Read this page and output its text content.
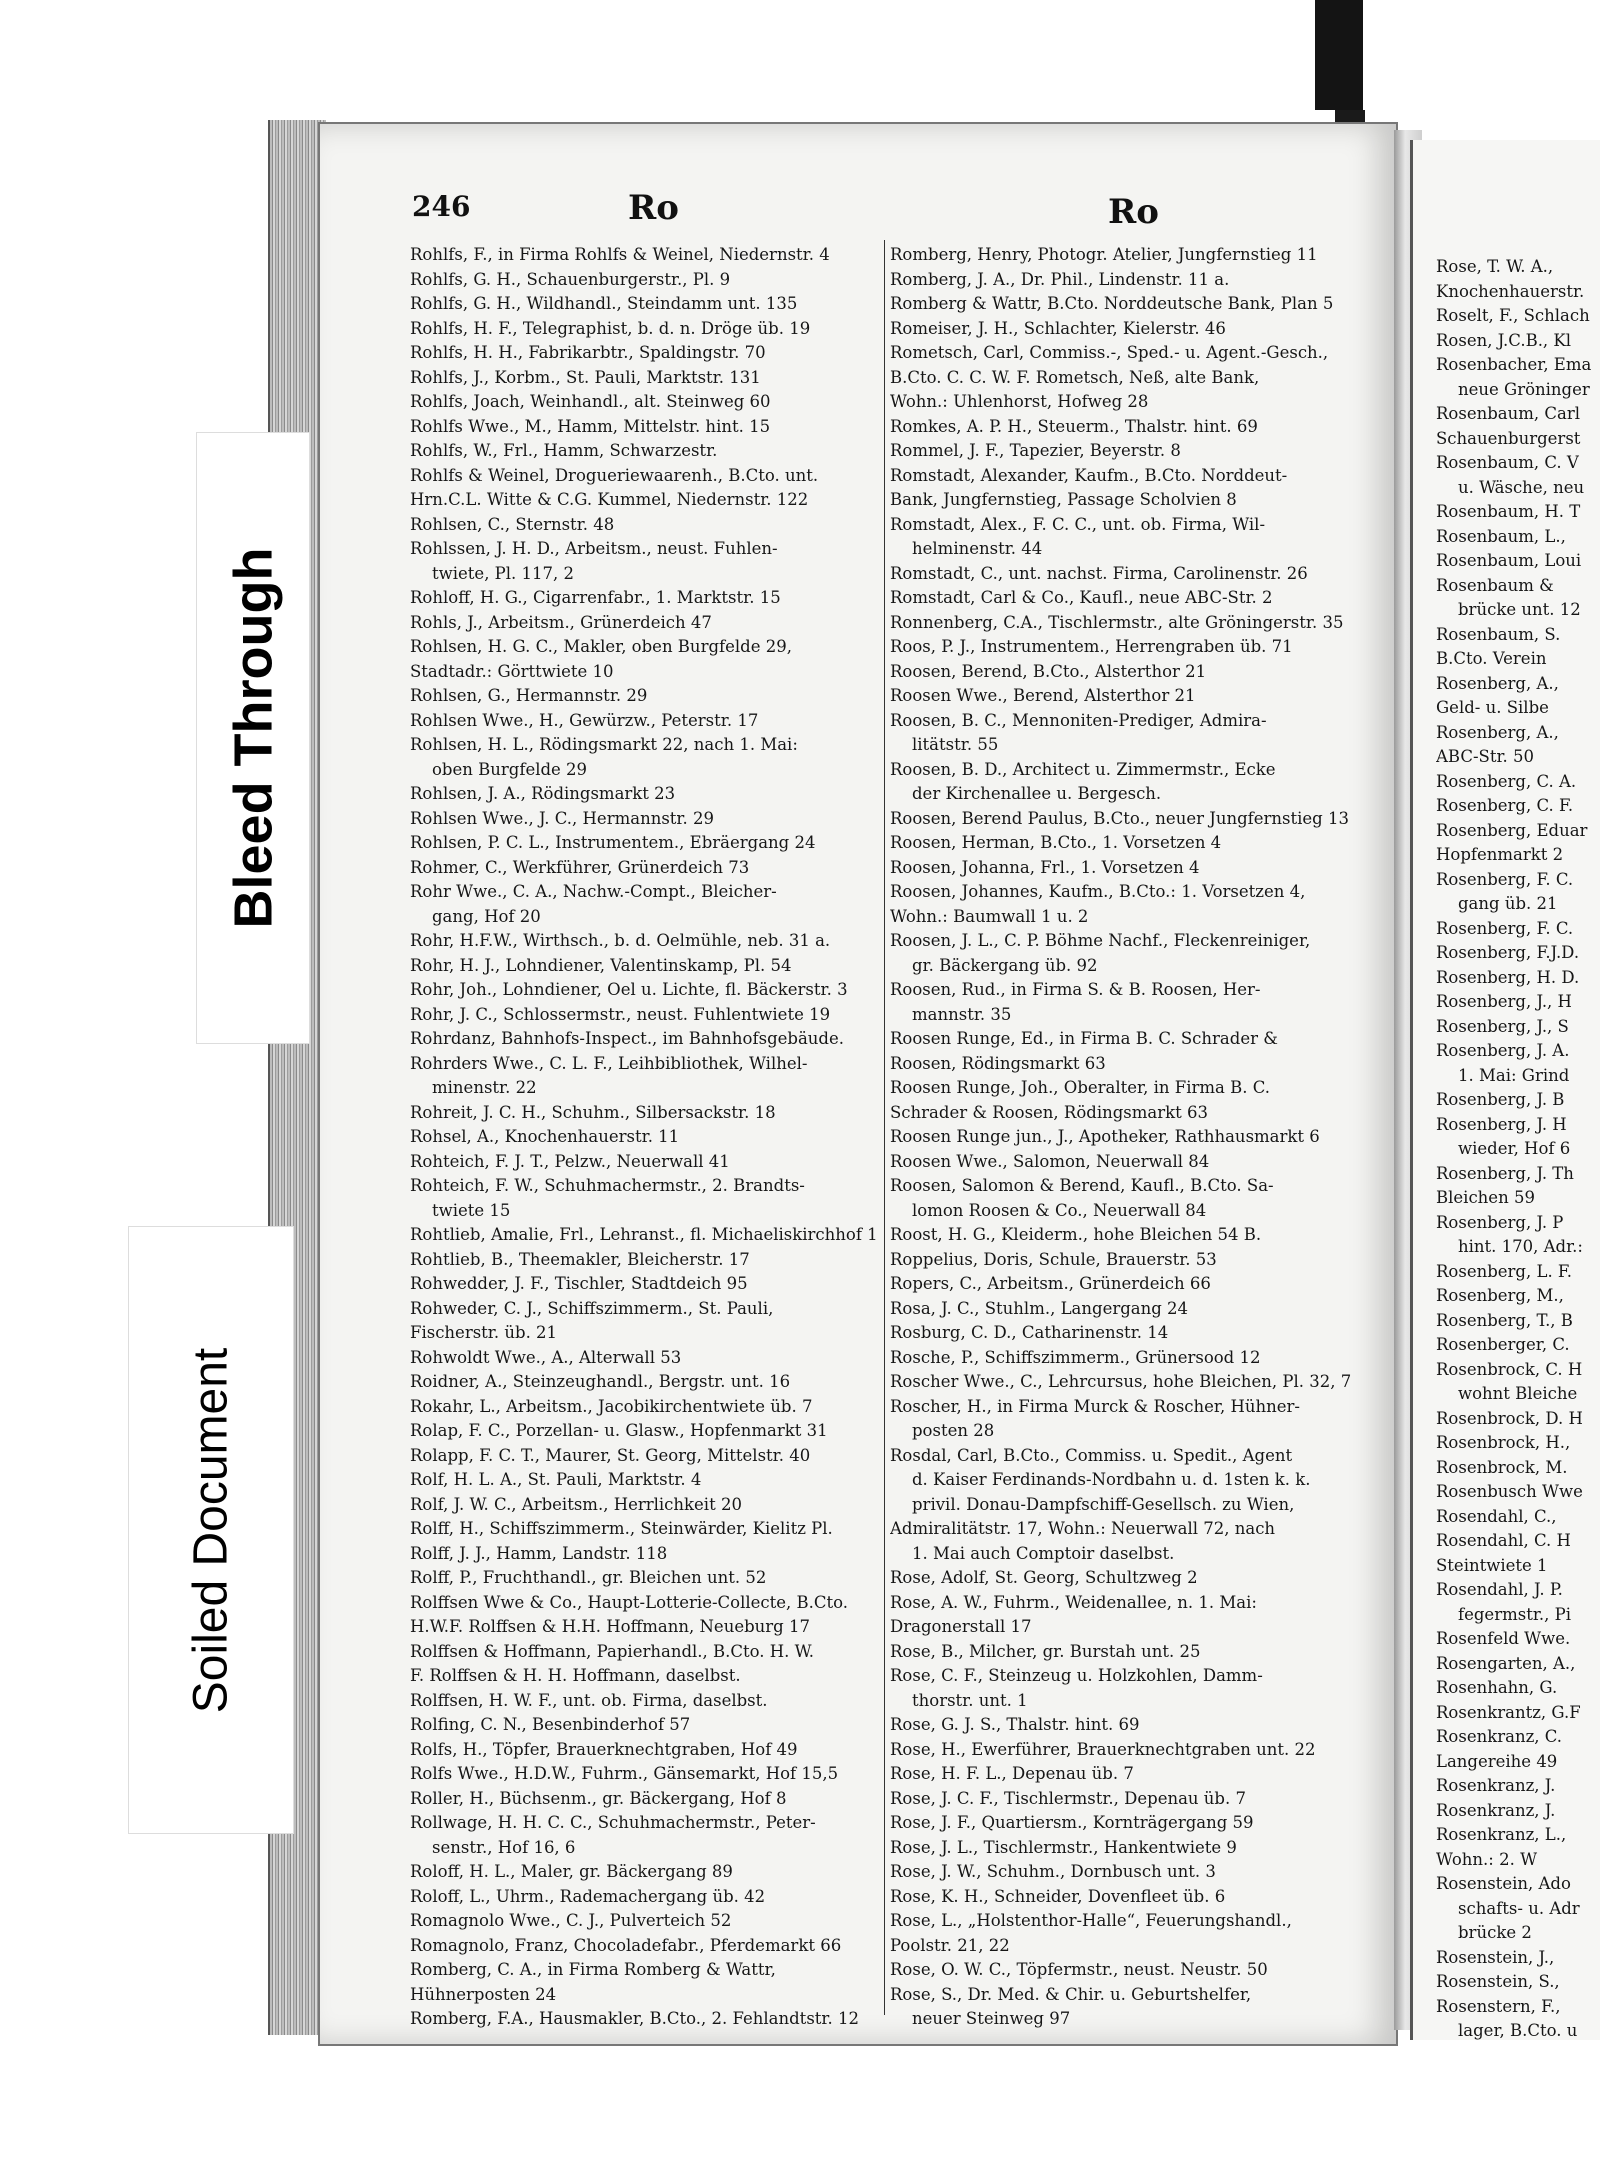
Bleed Through
Soiled Document
246	Ro	Ro
Rohlfs, F., in Firma Rohlfs & Weinel, Niedernstr. 4
Rohlfs, G. H., Schauenburgerstr., Pl. 9
Rohlfs, G. H., Wildhandl., Steindamm unt. 135
Rohlfs, H. F., Telegraphist, b. d. n. Dröge üb. 19
Rohlfs, H. H., Fabrikarbtr., Spaldingstr. 70
Rohlfs, J., Korbm., St. Pauli, Marktstr. 131
Rohlfs, Joach, Weinhandl., alt. Steinweg 60
Rohlfs Wwe., M., Hamm, Mittelstr. hint. 15
Rohlfs, W., Frl., Hamm, Schwarzestr.
Rohlfs & Weinel, Drogueriewaarenh., B.Cto. unt.
Hrn.C.L. Witte & C.G. Kummel, Niedernstr. 122
Rohlsen, C., Sternstr. 48
Rohlssen, J. H. D., Arbeitsm., neust. Fuhlen-
twiete, Pl. 117, 2
Rohloff, H. G., Cigarrenfabr., 1. Marktstr. 15
Rohls, J., Arbeitsm., Grünerdeich 47
Rohlsen, H. G. C., Makler, oben Burgfelde 29,
Stadtadr.: Görttwiete 10
Rohlsen, G., Hermannstr. 29
Rohlsen Wwe., H., Gewürzw., Peterstr. 17
Rohlsen, H. L., Rödingsmarkt 22, nach 1. Mai:
oben Burgfelde 29
Rohlsen, J. A., Rödingsmarkt 23
Rohlsen Wwe., J. C., Hermannstr. 29
Rohlsen, P. C. L., Instrumentem., Ebräergang 24
Rohmer, C., Werkführer, Grünerdeich 73
Rohr Wwe., C. A., Nachw.-Compt., Bleicher-
gang, Hof 20
Rohr, H.F.W., Wirthsch., b. d. Oelmühle, neb. 31 a.
Rohr, H. J., Lohndiener, Valentinskamp, Pl. 54
Rohr, Joh., Lohndiener, Oel u. Lichte, fl. Bäckerstr. 3
Rohr, J. C., Schlossermstr., neust. Fuhlentwiete 19
Rohrdanz, Bahnhofs-Inspect., im Bahnhofsgebäude.
Rohrders Wwe., C. L. F., Leihbibliothek, Wilhel-
minenstr. 22
Rohreit, J. C. H., Schuhm., Silbersackstr. 18
Rohsel, A., Knochenhauerstr. 11
Rohteich, F. J. T., Pelzw., Neuerwall 41
Rohteich, F. W., Schuhmachermstr., 2. Brandts-
twiete 15
Rohtlieb, Amalie, Frl., Lehranst., fl. Michaeliskirchhof 1
Rohtlieb, B., Theemakler, Bleicherstr. 17
Rohwedder, J. F., Tischler, Stadtdeich 95
Rohweder, C. J., Schiffszimmerm., St. Pauli,
Fischerstr. üb. 21
Rohwoldt Wwe., A., Alterwall 53
Roidner, A., Steinzeughandl., Bergstr. unt. 16
Rokahr, L., Arbeitsm., Jacobikirchentwiete üb. 7
Rolap, F. C., Porzellan- u. Glasw., Hopfenmarkt 31
Rolapp, F. C. T., Maurer, St. Georg, Mittelstr. 40
Rolf, H. L. A., St. Pauli, Marktstr. 4
Rolf, J. W. C., Arbeitsm., Herrlichkeit 20
Rolff, H., Schiffszimmerm., Steinwärder, Kielitz Pl.
Rolff, J. J., Hamm, Landstr. 118
Rolff, P., Fruchthandl., gr. Bleichen unt. 52
Rolffsen Wwe & Co., Haupt-Lotterie-Collecte, B.Cto.
H.W.F. Rolffsen & H.H. Hoffmann, Neueburg 17
Rolffsen & Hoffmann, Papierhandl., B.Cto. H. W.
F. Rolffsen & H. H. Hoffmann, daselbst.
Rolffsen, H. W. F., unt. ob. Firma, daselbst.
Rolfing, C. N., Besenbinderhof 57
Rolfs, H., Töpfer, Brauerknechtgraben, Hof 49
Rolfs Wwe., H.D.W., Fuhrm., Gänsemarkt, Hof 15,5
Roller, H., Büchsenm., gr. Bäckergang, Hof 8
Rollwage, H. H. C. C., Schuhmachermstr., Peter-
senstr., Hof 16, 6
Roloff, H. L., Maler, gr. Bäckergang 89
Roloff, L., Uhrm., Rademachergang üb. 42
Romagnolo Wwe., C. J., Pulverteich 52
Romagnolo, Franz, Chocoladefabr., Pferdemarkt 66
Romberg, C. A., in Firma Romberg & Wattr,
Hühnerposten 24
Romberg, F.A., Hausmakler, B.Cto., 2. Fehlandtstr. 12
Romberg, Henry, Photogr. Atelier, Jungfernstieg 11
Romberg, J. A., Dr. Phil., Lindenstr. 11 a.
Romberg & Wattr, B.Cto. Norddeutsche Bank, Plan 5
Romeiser, J. H., Schlachter, Kielerstr. 46
Rometsch, Carl, Commiss.-, Sped.- u. Agent.-Gesch.,
B.Cto. C. C. W. F. Rometsch, Neß, alte Bank,
Wohn.: Uhlenhorst, Hofweg 28
Romkes, A. P. H., Steuerm., Thalstr. hint. 69
Rommel, J. F., Tapezier, Beyerstr. 8
Romstadt, Alexander, Kaufm., B.Cto. Norddeut-
Bank, Jungfernstieg, Passage Scholvien 8
Romstadt, Alex., F. C. C., unt. ob. Firma, Wil-
helminenstr. 44
Romstadt, C., unt. nachst. Firma, Carolinenstr. 26
Romstadt, Carl & Co., Kaufl., neue ABC-Str. 2
Ronnenberg, C.A., Tischlermstr., alte Gröningerstr. 35
Roos, P. J., Instrumentem., Herrengraben üb. 71
Roosen, Berend, B.Cto., Alsterthor 21
Roosen Wwe., Berend, Alsterthor 21
Roosen, B. C., Mennoniten-Prediger, Admira-
litätstr. 55
Roosen, B. D., Architect u. Zimmermstr., Ecke
der Kirchenallee u. Bergesch.
Roosen, Berend Paulus, B.Cto., neuer Jungfernstieg 13
Roosen, Herman, B.Cto., 1. Vorsetzen 4
Roosen, Johanna, Frl., 1. Vorsetzen 4
Roosen, Johannes, Kaufm., B.Cto.: 1. Vorsetzen 4,
Wohn.: Baumwall 1 u. 2
Roosen, J. L., C. P. Böhme Nachf., Fleckenreiniger,
gr. Bäckergang üb. 92
Roosen, Rud., in Firma S. & B. Roosen, Her-
mannstr. 35
Roosen Runge, Ed., in Firma B. C. Schrader &
Roosen, Rödingsmarkt 63
Roosen Runge, Joh., Oberalter, in Firma B. C.
Schrader & Roosen, Rödingsmarkt 63
Roosen Runge jun., J., Apotheker, Rathhausmarkt 6
Roosen Wwe., Salomon, Neuerwall 84
Roosen, Salomon & Berend, Kaufl., B.Cto. Sa-
lomon Roosen & Co., Neuerwall 84
Roost, H. G., Kleiderm., hohe Bleichen 54 B.
Roppelius, Doris, Schule, Brauerstr. 53
Ropers, C., Arbeitsm., Grünerdeich 66
Rosa, J. C., Stuhlm., Langergang 24
Rosburg, C. D., Catharinenstr. 14
Rosche, P., Schiffszimmerm., Grünersood 12
Roscher Wwe., C., Lehrcursus, hohe Bleichen, Pl. 32, 7
Roscher, H., in Firma Murck & Roscher, Hühner-
posten 28
Rosdal, Carl, B.Cto., Commiss. u. Spedit., Agent
d. Kaiser Ferdinands-Nordbahn u. d. 1sten k. k.
privil. Donau-Dampfschiff-Gesellsch. zu Wien,
Admiralitätstr. 17, Wohn.: Neuerwall 72, nach
1. Mai auch Comptoir daselbst.
Rose, Adolf, St. Georg, Schultzweg 2
Rose, A. W., Fuhrm., Weidenallee, n. 1. Mai:
Dragonerstall 17
Rose, B., Milcher, gr. Burstah unt. 25
Rose, C. F., Steinzeug u. Holzkohlen, Damm-
thorstr. unt. 1
Rose, G. J. S., Thalstr. hint. 69
Rose, H., Ewerführer, Brauerknechtgraben unt. 22
Rose, H. F. L., Depenau üb. 7
Rose, J. C. F., Tischlermstr., Depenau üb. 7
Rose, J. F., Quartiersm., Kornträgergang 59
Rose, J. L., Tischlermstr., Hankentwiete 9
Rose, J. W., Schuhm., Dornbusch unt. 3
Rose, K. H., Schneider, Dovenfleet üb. 6
Rose, L., „Holstenthor-Halle“, Feuerungshandl.,
Poolstr. 21, 22
Rose, O. W. C., Töpfermstr., neust. Neustr. 50
Rose, S., Dr. Med. & Chir. u. Geburtshelfer,
neuer Steinweg 97
Rose, T. W. A.,
Knochenhauerstr.
Roselt, F., Schlach
Rosen, J.C.B., Kl
Rosenbacher, Ema
neue Gröninger
Rosenbaum, Carl
Schauenburgerst
Rosenbaum, C. V
u. Wäsche, neu
Rosenbaum, H. T
Rosenbaum, L.,
Rosenbaum, Loui
Rosenbaum &
brücke unt. 12
Rosenbaum, S.
B.Cto. Verein
Rosenberg, A.,
Geld- u. Silbe
Rosenberg, A.,
ABC-Str. 50
Rosenberg, C. A.
Rosenberg, C. F.
Rosenberg, Eduar
Hopfenmarkt 2
Rosenberg, F. C.
gang üb. 21
Rosenberg, F. C.
Rosenberg, F.J.D.
Rosenberg, H. D.
Rosenberg, J., H
Rosenberg, J., S
Rosenberg, J. A.
1. Mai: Grind
Rosenberg, J. B
Rosenberg, J. H
wieder, Hof 6
Rosenberg, J. Th
Bleichen 59
Rosenberg, J. P
hint. 170, Adr.:
Rosenberg, L. F.
Rosenberg, M.,
Rosenberg, T., B
Rosenberger, C.
Rosenbrock, C. H
wohnt Bleiche
Rosenbrock, D. H
Rosenbrock, H.,
Rosenbrock, M.
Rosenbusch Wwe
Rosendahl, C.,
Rosendahl, C. H
Steintwiete 1
Rosendahl, J. P.
fegermstr., Pi
Rosenfeld Wwe.
Rosengarten, A.,
Rosenhahn, G.
Rosenkrantz, G.F
Rosenkranz, C.
Langereihe 49
Rosenkranz, J.
Rosenkranz, J.
Rosenkranz, L.,
Wohn.: 2. W
Rosenstein, Ado
schafts- u. Adr
brücke 2
Rosenstein, J.,
Rosenstein, S.,
Rosenstern, F.,
lager, B.Cto. u
